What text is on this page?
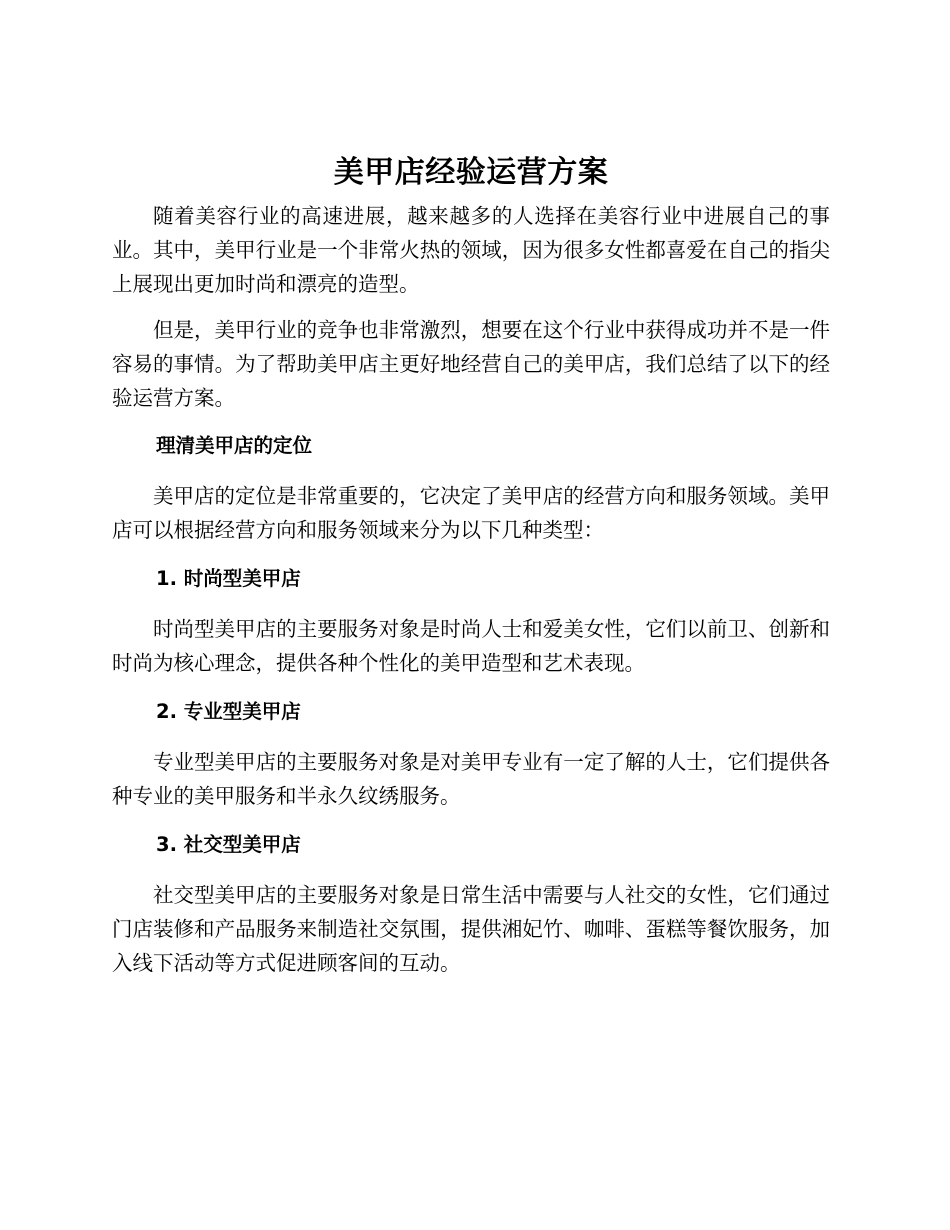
美甲店经验运营方案

随着美容行业的高速进展，越来越多的人选择在美容行业中进展自己的事业。其中，美甲行业是一个非常火热的领域，因为很多女性都喜爱在自己的指尖上展现出更加时尚和漂亮的造型。

但是，美甲行业的竞争也非常激烈，想要在这个行业中获得成功并不是一件容易的事情。为了帮助美甲店主更好地经营自己的美甲店，我们总结了以下的经验运营方案。

理清美甲店的定位

美甲店的定位是非常重要的，它决定了美甲店的经营方向和服务领域。美甲店可以根据经营方向和服务领域来分为以下几种类型：

1. 时尚型美甲店

时尚型美甲店的主要服务对象是时尚人士和爱美女性，它们以前卫、创新和时尚为核心理念，提供各种个性化的美甲造型和艺术表现。

2. 专业型美甲店

专业型美甲店的主要服务对象是对美甲专业有一定了解的人士，它们提供各种专业的美甲服务和半永久纹绣服务。

3. 社交型美甲店

社交型美甲店的主要服务对象是日常生活中需要与人社交的女性，它们通过门店装修和产品服务来制造社交氛围，提供湘妃竹、咖啡、蛋糕等餐饮服务，加入线下活动等方式促进顾客间的互动。
